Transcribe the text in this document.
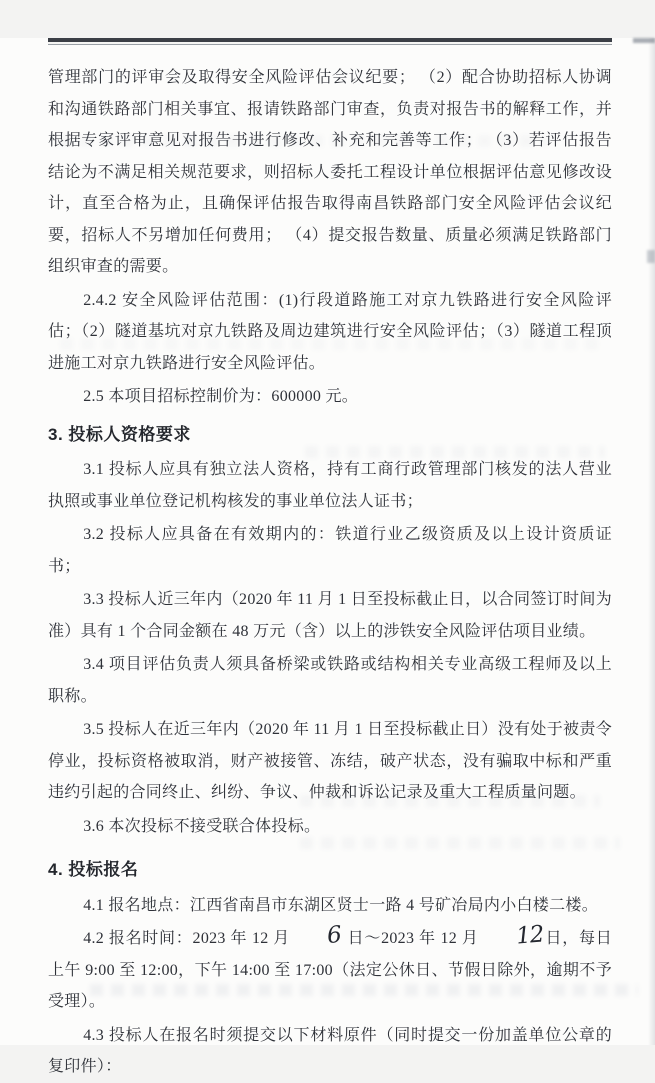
管理部门的评审会及取得安全风险评估会议纪要； （2）配合协助招标人协调和沟通铁路部门相关事宜、报请铁路部门审查，负责对报告书的解释工作，并根据专家评审意见对报告书进行修改、补充和完善等工作； （3）若评估报告结论为不满足相关规范要求，则招标人委托工程设计单位根据评估意见修改设计，直至合格为止，且确保评估报告取得南昌铁路部门安全风险评估会议纪要，招标人不另增加任何费用； （4）提交报告数量、质量必须满足铁路部门组织审查的需要。

2.4.2 安全风险评估范围：(1)行段道路施工对京九铁路进行安全风险评估；（2）隧道基坑对京九铁路及周边建筑进行安全风险评估；（3）隧道工程顶进施工对京九铁路进行安全风险评估。

2.5 本项目招标控制价为：600000 元。

3. 投标人资格要求

3.1 投标人应具有独立法人资格，持有工商行政管理部门核发的法人营业执照或事业单位登记机构核发的事业单位法人证书；

3.2 投标人应具备在有效期内的：铁道行业乙级资质及以上设计资质证书；

3.3 投标人近三年内（2020 年 11 月 1 日至投标截止日，以合同签订时间为准）具有 1 个合同金额在 48 万元（含）以上的涉铁安全风险评估项目业绩。

3.4 项目评估负责人须具备桥梁或铁路或结构相关专业高级工程师及以上职称。

3.5 投标人在近三年内（2020 年 11 月 1 日至投标截止日）没有处于被责令停业，投标资格被取消，财产被接管、冻结，破产状态，没有骗取中标和严重违约引起的合同终止、纠纷、争议、仲裁和诉讼记录及重大工程质量问题。

3.6 本次投标不接受联合体投标。

4. 投标报名

4.1 报名地点：江西省南昌市东湖区贤士一路 4 号矿冶局内小白楼二楼。

4.2 报名时间：2023 年 12 月 6 日～2023 年 12 月 12日，每日上午 9:00 至 12:00，下午 14:00 至 17:00（法定公休日、节假日除外，逾期不予受理）。

4.3 投标人在报名时须提交以下材料原件（同时提交一份加盖单位公章的复印件）：
